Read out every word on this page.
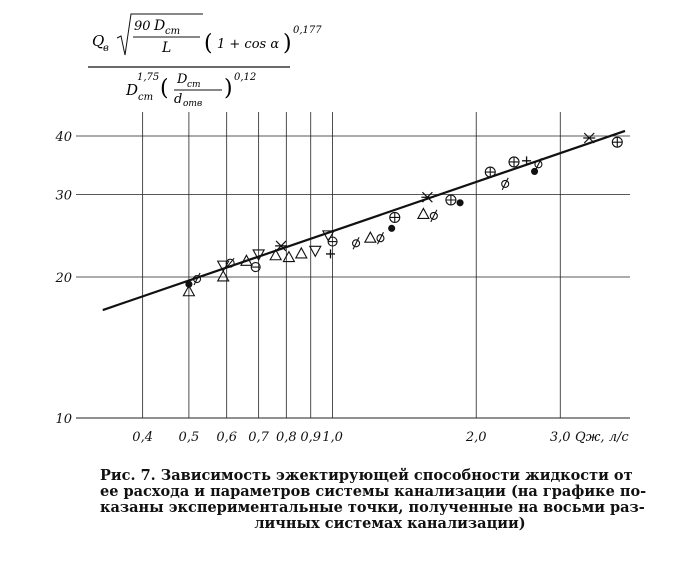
Q
в
90 D ст
L ( 1 + cos α )
0,177
D ст
1,75 ( D ст
d отв
) 0,12
0,4 0,5 0,6 0,7 0,8 0,9 1,0	2,0	3,0
10
20
30
40
Qж, л/с
Рис. 7. Зависимость эжектирующей способности жидкости от
ее расхода и параметров системы канализации (на графике по-
казаны экспериментальные точки, полученные на восьми раз-
личных системах канализации)
